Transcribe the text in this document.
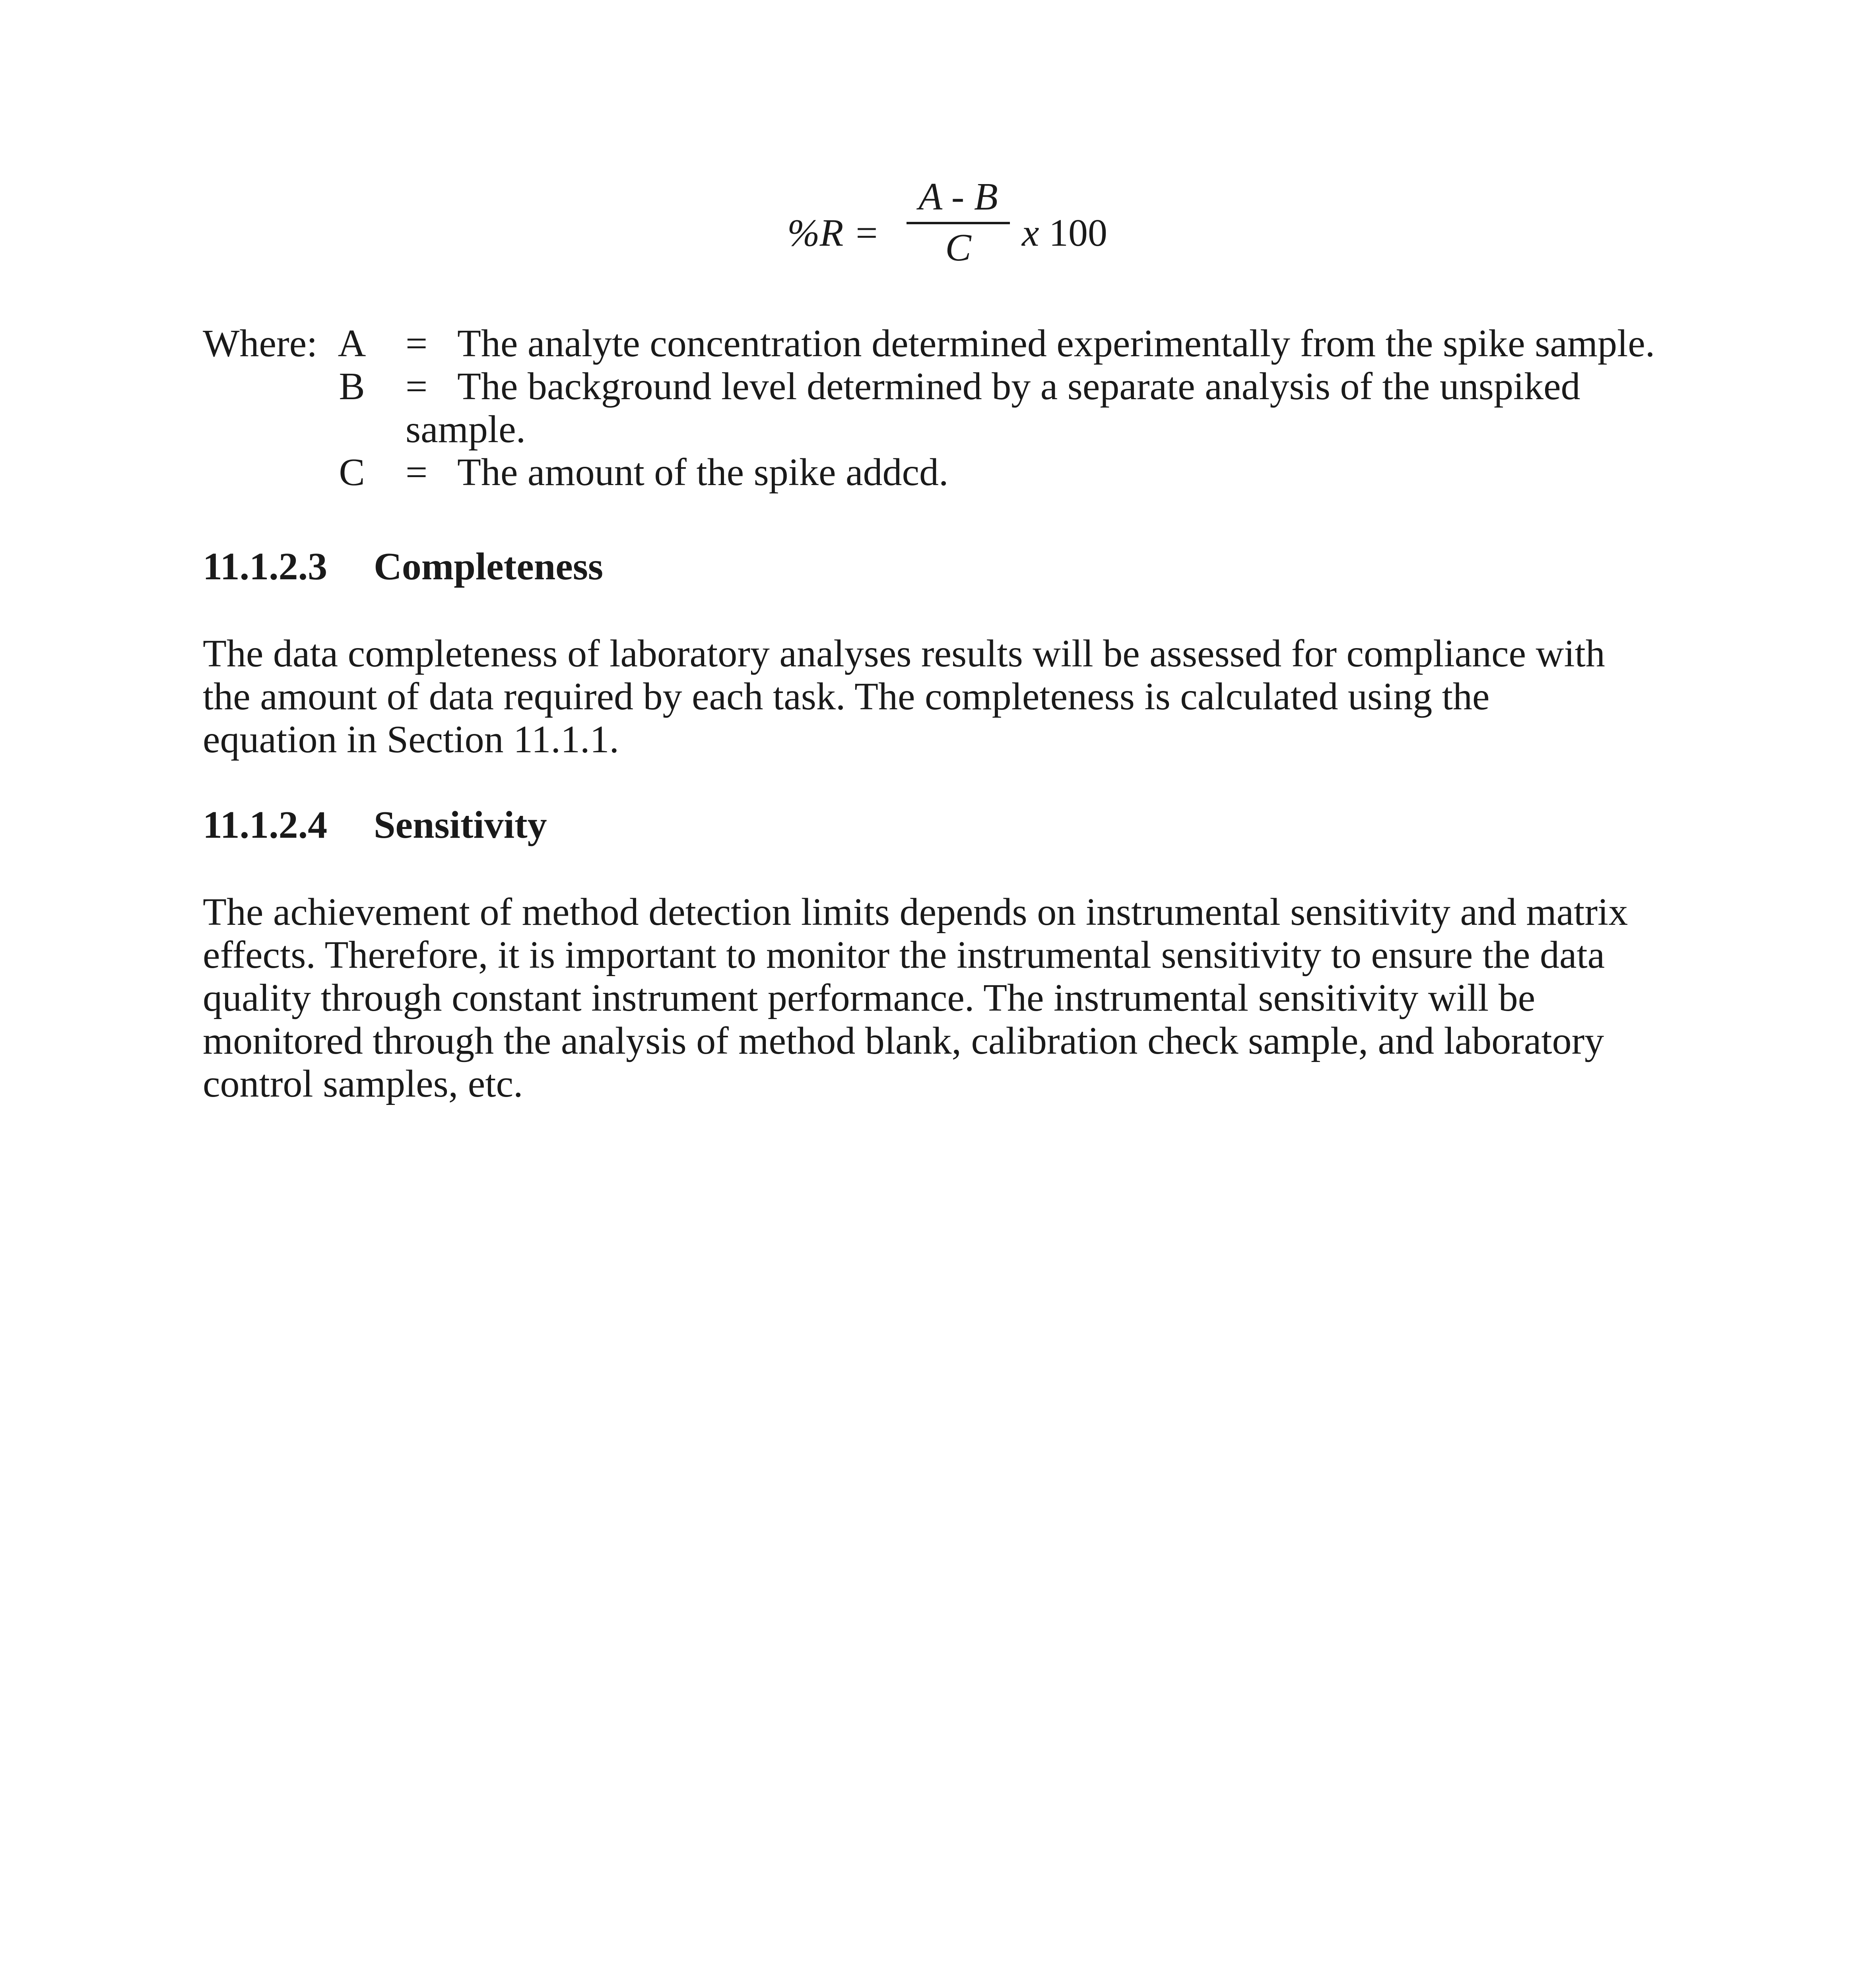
%R =
A - B
C	x 100
Where: A = The analyte concentration determined experimentally from the spike sample.
B = The background level determined by a separate analysis of the unspiked
sample.
C = The amount of the spike addcd.
11.1.2.3 Completeness
The data completeness of laboratory analyses results will be assessed for compliance with
the amount of data required by each task. The completeness is calculated using the
equation in Section 11.1.1.
11.1.2.4 Sensitivity
The achievement of method detection limits depends on instrumental sensitivity and matrix
effects. Therefore, it is important to monitor the instrumental sensitivity to ensure the data
quality through constant instrument performance. The instrumental sensitivity will be
monitored through the analysis of method blank, calibration check sample, and laboratory
control samples, etc.
